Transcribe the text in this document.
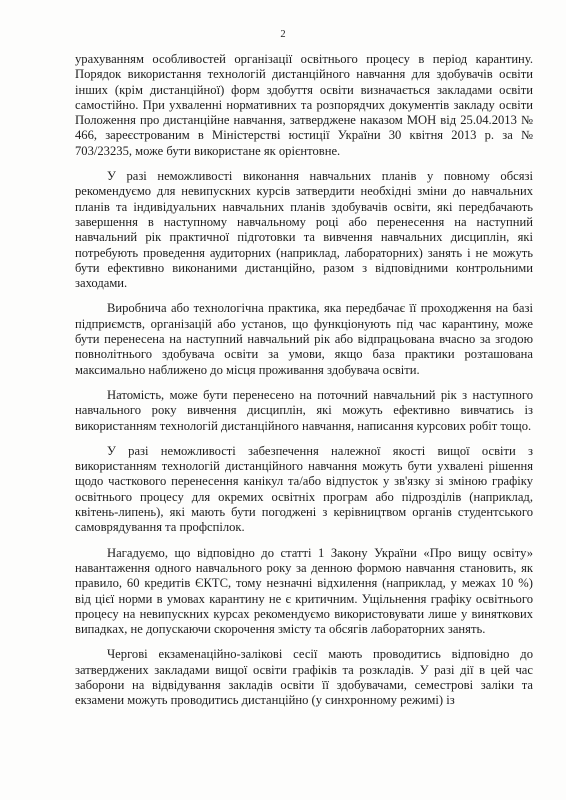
2

урахуванням особливостей організації освітнього процесу в період карантину. Порядок використання технологій дистанційного навчання для здобувачів освіти інших (крім дистанційної) форм здобуття освіти визначається закладами освіти самостійно. При ухваленні нормативних та розпорядчих документів закладу освіти Положення про дистанційне навчання, затверджене наказом МОН від 25.04.2013 № 466, зареєстрованим в Міністерстві юстиції України 30 квітня 2013 р. за № 703/23235, може бути використане як орієнтовне.

У разі неможливості виконання навчальних планів у повному обсязі рекомендуємо для невипускних курсів затвердити необхідні зміни до навчальних планів та індивідуальних навчальних планів здобувачів освіти, які передбачають завершення в наступному навчальному році або перенесення на наступний навчальний рік практичної підготовки та вивчення навчальних дисциплін, які потребують проведення аудиторних (наприклад, лабораторних) занять і не можуть бути ефективно виконаними дистанційно, разом з відповідними контрольними заходами.

Виробнича або технологічна практика, яка передбачає її проходження на базі підприємств, організацій або установ, що функціонують під час карантину, може бути перенесена на наступний навчальний рік або відпрацьована вчасно за згодою повнолітнього здобувача освіти за умови, якщо база практики розташована максимально наближено до місця проживання здобувача освіти.

Натомість, може бути перенесено на поточний навчальний рік з наступного навчального року вивчення дисциплін, які можуть ефективно вивчатись із використанням технологій дистанційного навчання, написання курсових робіт тощо.

У разі неможливості забезпечення належної якості вищої освіти з використанням технологій дистанційного навчання можуть бути ухвалені рішення щодо часткового перенесення канікул та/або відпусток у зв'язку зі зміною графіку освітнього процесу для окремих освітніх програм або підрозділів (наприклад, квітень-липень), які мають бути погоджені з керівництвом органів студентського самоврядування та профспілок.

Нагадуємо, що відповідно до статті 1 Закону України «Про вищу освіту» навантаження одного навчального року за денною формою навчання становить, як правило, 60 кредитів ЄКТС, тому незначні відхилення (наприклад, у межах 10 %) від цієї норми в умовах карантину не є критичним. Ущільнення графіку освітнього процесу на невипускних курсах рекомендуємо використовувати лише у виняткових випадках, не допускаючи скорочення змісту та обсягів лабораторних занять.

Чергові екзаменаційно-залікові сесії мають проводитись відповідно до затверджених закладами вищої освіти графіків та розкладів. У разі дії в цей час заборони на відвідування закладів освіти її здобувачами, семестрові заліки та екзамени можуть проводитись дистанційно (у синхронному режимі) із
